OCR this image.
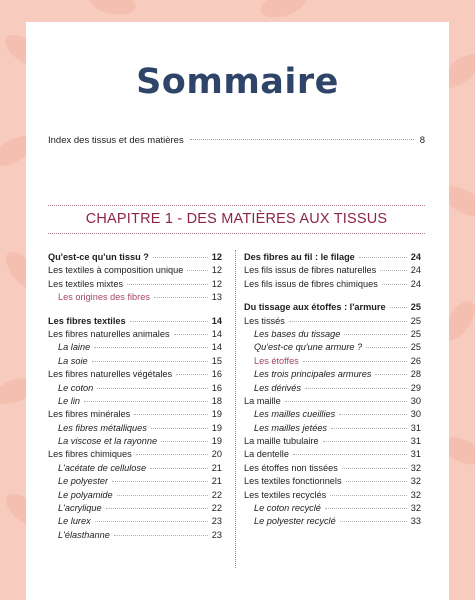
Sommaire
Index des tissus et des matières	8
CHAPITRE 1 - DES MATIÈRES AUX TISSUS
Qu'est-ce qu'un tissu ?	12
Les textiles à composition unique	12
Les textiles mixtes	12
Les origines des fibres	13
Les fibres textiles	14
Les fibres naturelles animales	14
La laine	14
La soie	15
Les fibres naturelles végétales	16
Le coton	16
Le lin	18
Les fibres minérales	19
Les fibres métalliques	19
La viscose et la rayonne	19
Les fibres chimiques	20
L'acétate de cellulose	21
Le polyester	21
Le polyamide	22
L'acrylique	22
Le lurex	23
L'élasthanne	23
Des fibres au fil : le filage	24
Les fils issus de fibres naturelles	24
Les fils issus de fibres chimiques	24
Du tissage aux étoffes : l'armure	25
Les tissés	25
Les bases du tissage	25
Qu'est-ce qu'une armure ?	25
Les étoffes	26
Les trois principales armures	28
Les dérivés	29
La maille	30
Les mailles cueillies	30
Les mailles jetées	31
La maille tubulaire	31
La dentelle	31
Les étoffes non tissées	32
Les textiles fonctionnels	32
Les textiles recyclés	32
Le coton recyclé	32
Le polyester recyclé	33
